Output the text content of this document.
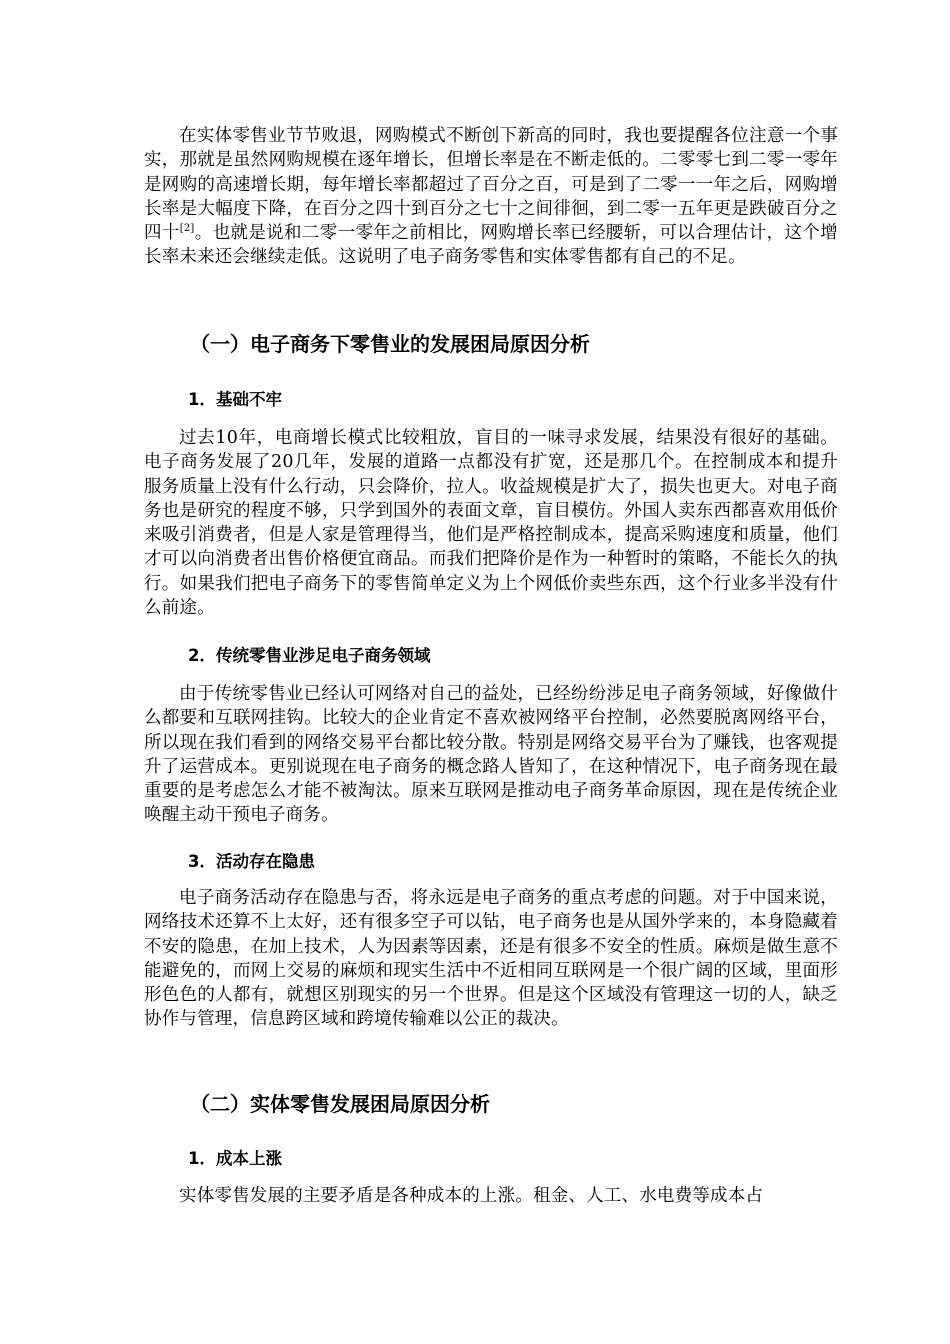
在实体零售业节节败退，网购模式不断创下新高的同时，我也要提醒各位注意一个事实，那就是虽然网购规模在逐年增长，但增长率是在不断走低的。二零零七到二零一零年是网购的高速增长期，每年增长率都超过了百分之百，可是到了二零一一年之后，网购增长率是大幅度下降，在百分之四十到百分之七十之间徘徊，到二零一五年更是跌破百分之四十[2]。也就是说和二零一零年之前相比，网购增长率已经腰斩，可以合理估计，这个增长率未来还会继续走低。这说明了电子商务零售和实体零售都有自己的不足。

（一）电子商务下零售业的发展困局原因分析
1．基础不牢

过去10年，电商增长模式比较粗放，盲目的一味寻求发展，结果没有很好的基础。电子商务发展了20几年，发展的道路一点都没有扩宽，还是那几个。在控制成本和提升服务质量上没有什么行动，只会降价，拉人。收益规模是扩大了，损失也更大。对电子商务也是研究的程度不够，只学到国外的表面文章，盲目模仿。外国人卖东西都喜欢用低价来吸引消费者，但是人家是管理得当，他们是严格控制成本，提高采购速度和质量，他们才可以向消费者出售价格便宜商品。而我们把降价是作为一种暂时的策略，不能长久的执行。如果我们把电子商务下的零售简单定义为上个网低价卖些东西，这个行业多半没有什么前途。

2．传统零售业涉足电子商务领域

由于传统零售业已经认可网络对自己的益处，已经纷纷涉足电子商务领域，好像做什么都要和互联网挂钩。比较大的企业肯定不喜欢被网络平台控制，必然要脱离网络平台，所以现在我们看到的网络交易平台都比较分散。特别是网络交易平台为了赚钱，也客观提升了运营成本。更别说现在电子商务的概念路人皆知了，在这种情况下，电子商务现在最重要的是考虑怎么才能不被淘汰。原来互联网是推动电子商务革命原因，现在是传统企业唤醒主动干预电子商务。

3．活动存在隐患

电子商务活动存在隐患与否，将永远是电子商务的重点考虑的问题。对于中国来说，网络技术还算不上太好，还有很多空子可以钻，电子商务也是从国外学来的，本身隐藏着不安的隐患，在加上技术，人为因素等因素，还是有很多不安全的性质。麻烦是做生意不能避免的，而网上交易的麻烦和现实生活中不近相同互联网是一个很广阔的区域，里面形形色色的人都有，就想区别现实的另一个世界。但是这个区域没有管理这一切的人，缺乏协作与管理，信息跨区域和跨境传输难以公正的裁决。

（二）实体零售发展困局原因分析
1．成本上涨

实体零售发展的主要矛盾是各种成本的上涨。租金、人工、水电费等成本占
